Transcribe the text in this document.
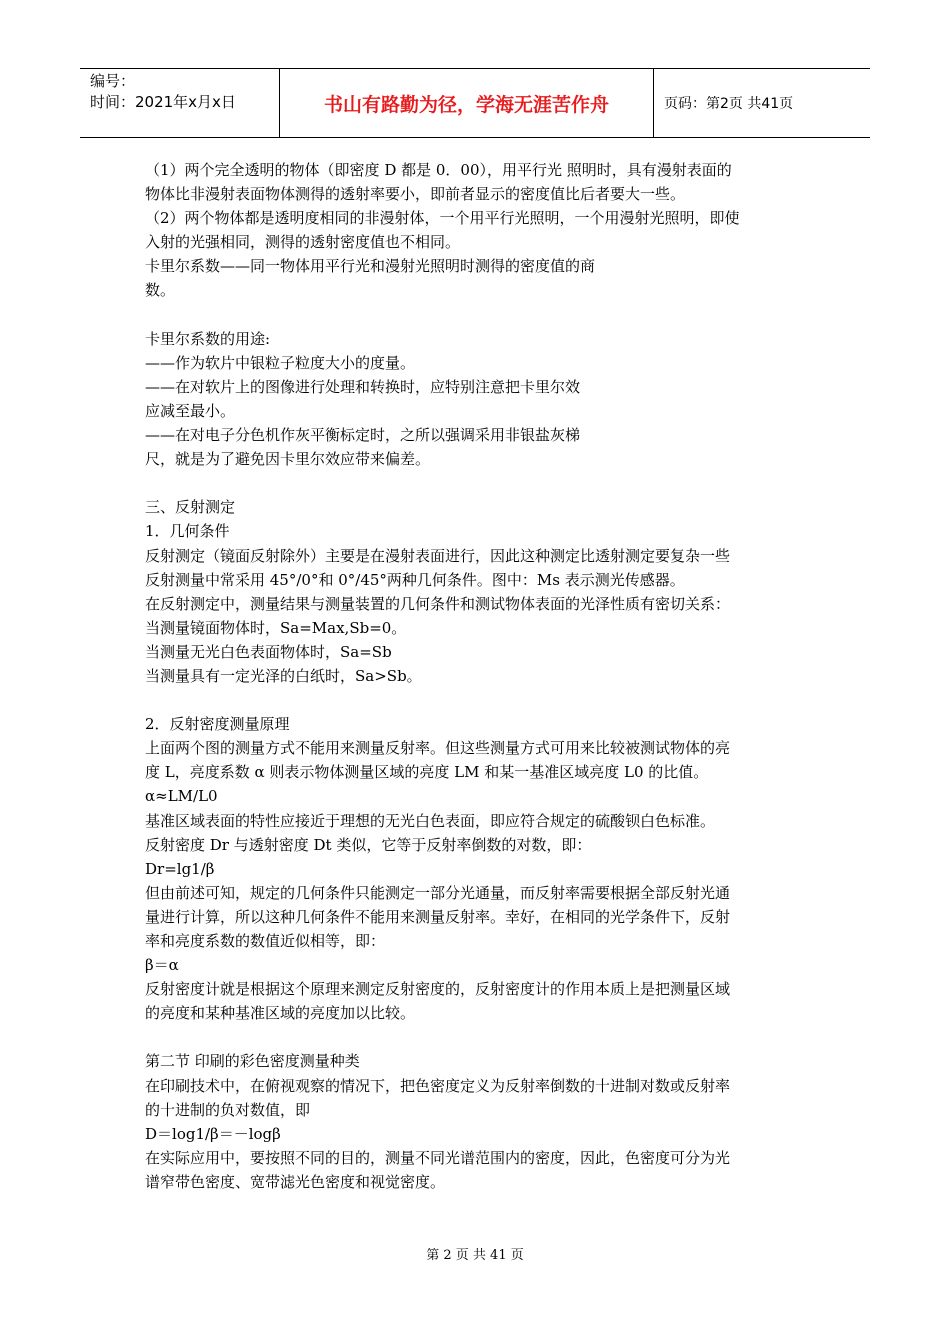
编号：
时间：2021年x月x日	书山有路勤为径，学海无涯苦作舟	页码：第2页 共41页
（1）两个完全透明的物体（即密度 D 都是 0．00），用平行光 照明时，具有漫射表面的
物体比非漫射表面物体测得的透射率要小，即前者显示的密度值比后者要大一些。
（2）两个物体都是透明度相同的非漫射体，一个用平行光照明，一个用漫射光照明，即使
入射的光强相同，测得的透射密度值也不相同。
卡里尔系数——同一物体用平行光和漫射光照明时测得的密度值的商
数。
卡里尔系数的用途:
——作为软片中银粒子粒度大小的度量。
——在对软片上的图像进行处理和转换时，应特别注意把卡里尔效
应减至最小。
——在对电子分色机作灰平衡标定时，之所以强调采用非银盐灰梯
尺，就是为了避免因卡里尔效应带来偏差。
三、反射测定
1．几何条件
反射测定（镜面反射除外）主要是在漫射表面进行，因此这种测定比透射测定要复杂一些
反射测量中常采用 45°/0°和 0°/45°两种几何条件。图中：Ms 表示测光传感器。
在反射测定中，测量结果与测量装置的几何条件和测试物体表面的光泽性质有密切关系：
当测量镜面物体时，Sa=Max,Sb=0。
当测量无光白色表面物体时，Sa=Sb
当测量具有一定光泽的白纸时，Sa>Sb。
2．反射密度测量原理
上面两个图的测量方式不能用来测量反射率。但这些测量方式可用来比较被测试物体的亮
度 L，亮度系数 α 则表示物体测量区域的亮度 LM 和某一基准区域亮度 L0 的比值。
α≈LM/L0
基准区域表面的特性应接近于理想的无光白色表面，即应符合规定的硫酸钡白色标准。
反射密度 Dr 与透射密度 Dt 类似，它等于反射率倒数的对数，即：
Dr=lg1/β
但由前述可知，规定的几何条件只能测定一部分光通量，而反射率需要根据全部反射光通
量进行计算，所以这种几何条件不能用来测量反射率。幸好，在相同的光学条件下，反射
率和亮度系数的数值近似相等，即：
β＝α
反射密度计就是根据这个原理来测定反射密度的，反射密度计的作用本质上是把测量区域
的亮度和某种基准区域的亮度加以比较。
第二节 印刷的彩色密度测量种类
在印刷技术中，在俯视观察的情况下，把色密度定义为反射率倒数的十进制对数或反射率
的十进制的负对数值，即
D＝log1/β＝－logβ
在实际应用中，要按照不同的目的，测量不同光谱范围内的密度，因此，色密度可分为光
谱窄带色密度、宽带滤光色密度和视觉密度。
第 2 页 共 41 页
